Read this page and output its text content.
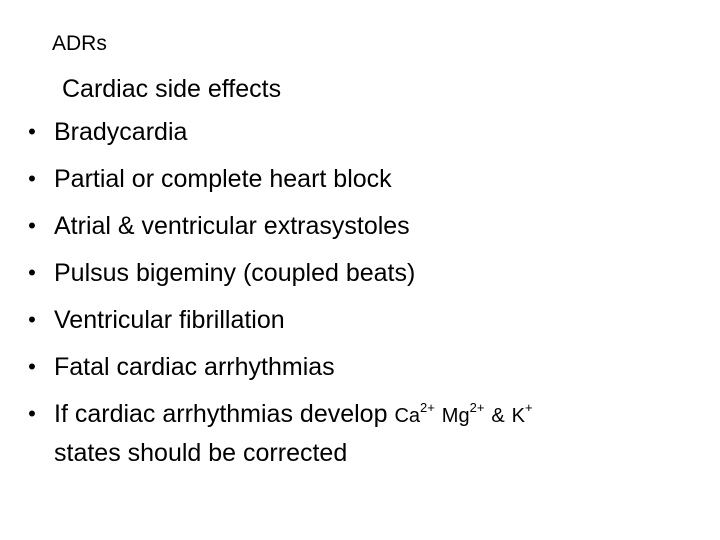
ADRs
Cardiac side effects
• Bradycardia
• Partial or complete heart block
• Atrial & ventricular extrasystoles
• Pulsus bigeminy (coupled beats)
• Ventricular fibrillation
• Fatal cardiac arrhythmias
• If cardiac arrhythmias develop $Ca^{2+}$ $Mg^{2+}$ & K+
states should be corrected
